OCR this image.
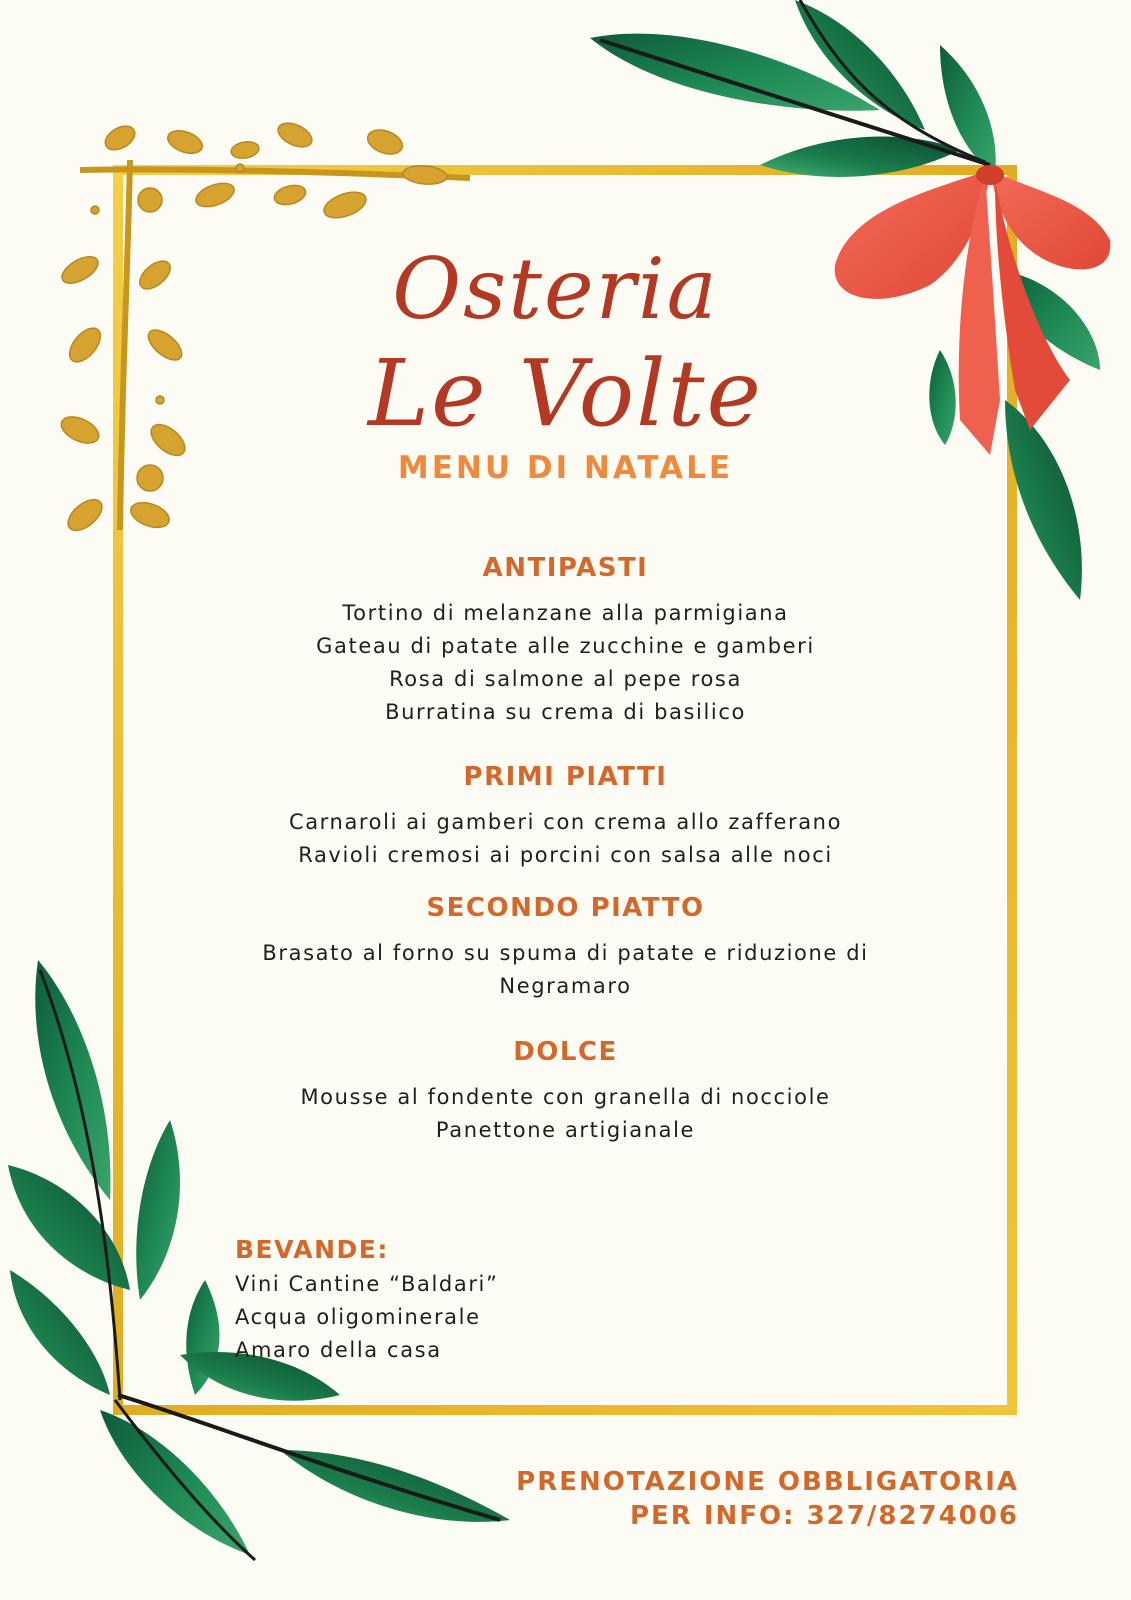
Osteria
Le Volte
MENU DI NATALE
ANTIPASTI
Tortino di melanzane alla parmigiana
Gateau di patate alle zucchine e gamberi
Rosa di salmone al pepe rosa
Burratina su crema di basilico
PRIMI PIATTI
Carnaroli ai gamberi con crema allo zafferano
Ravioli cremosi ai porcini con salsa alle noci
SECONDO PIATTO
Brasato al forno su spuma di patate e riduzione di
Negramaro
DOLCE
Mousse al fondente con granella di nocciole
Panettone artigianale
BEVANDE:
Vini Cantine “Baldari”
Acqua oligominerale
Amaro della casa
PRENOTAZIONE OBBLIGATORIA
PER INFO: 327/8274006
